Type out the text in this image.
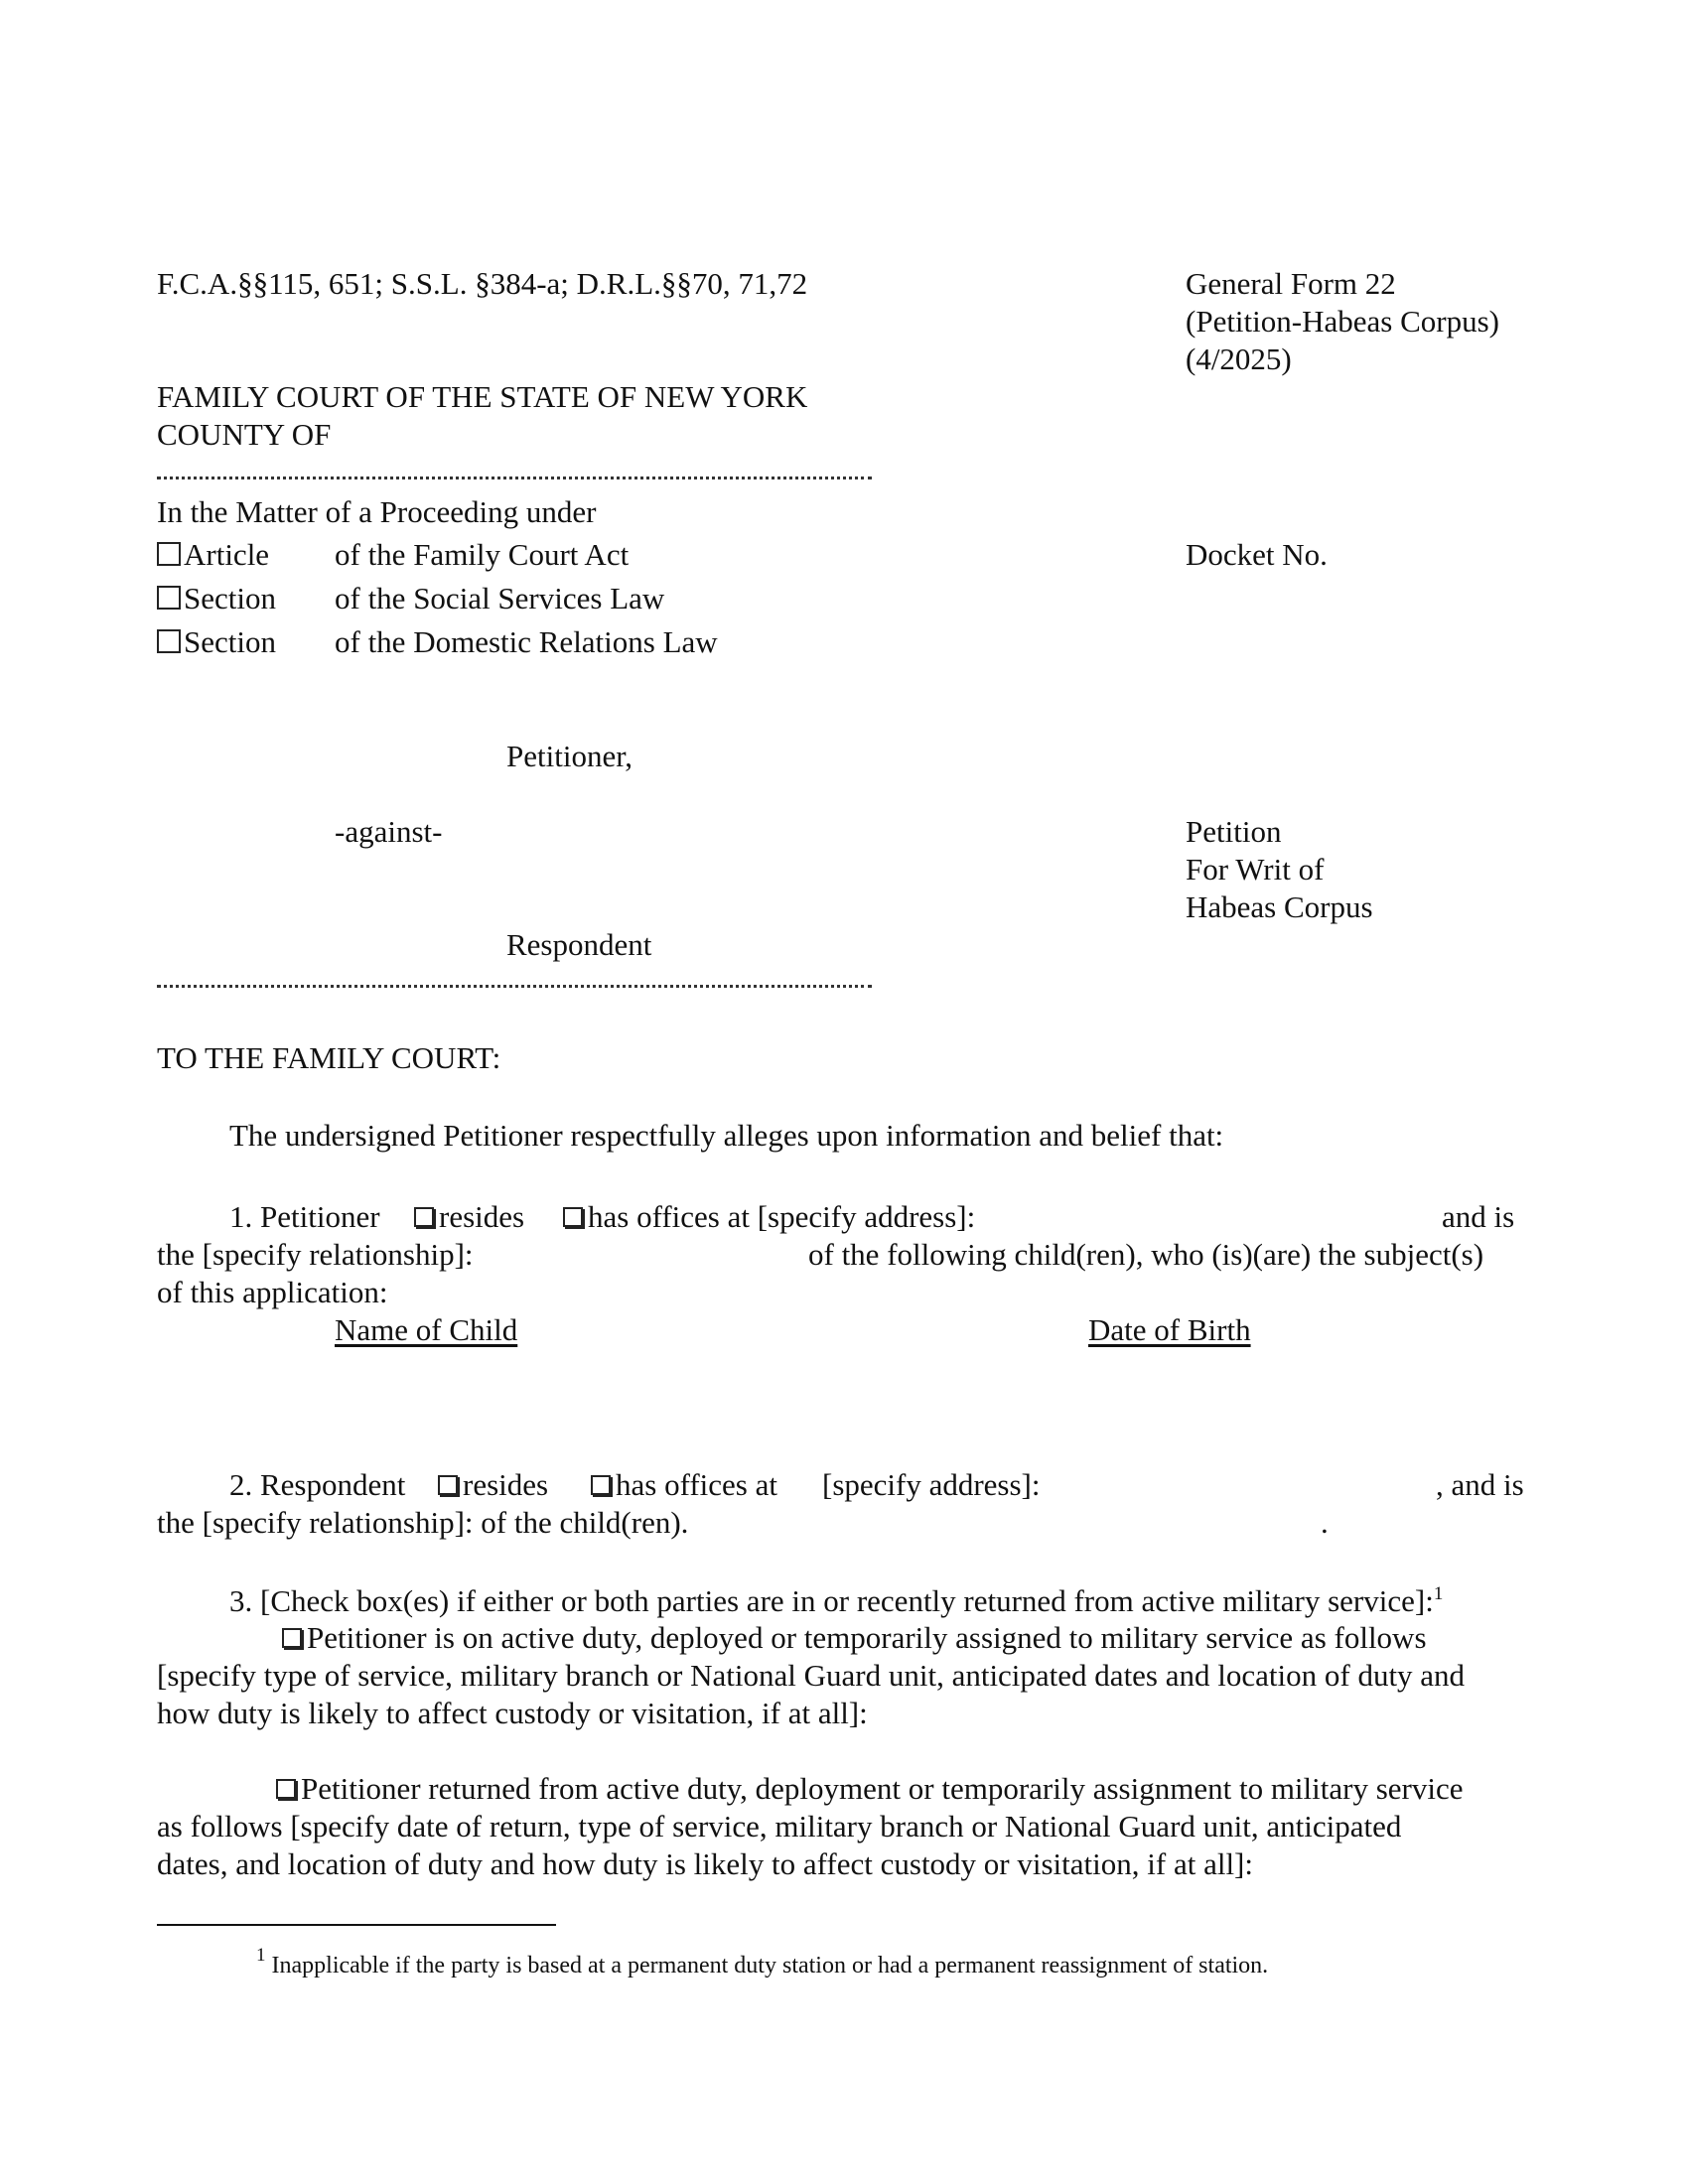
F.C.A.§§115, 651; S.S.L. §384-a; D.R.L.§§70, 71,72	General Form 22
(Petition-Habeas Corpus)
(4/2025)
FAMILY COURT OF THE STATE OF NEW YORK
COUNTY OF
In the Matter of a Proceeding under
Article of the Family Court Act	Docket No.
Section of the Social Services Law
Section of the Domestic Relations Law
Petitioner,
-against-	Petition
For Writ of
Habeas Corpus
Respondent
TO THE FAMILY COURT:
The undersigned Petitioner respectfully alleges upon information and belief that:
1. Petitioner	resides	has offices at [specify address]:	and is
the [specify relationship]:	of the following child(ren), who (is)(are) the subject(s)
of this application:
Name of Child	Date of Birth
2. Respondent	resides	has offices at [specify address]:	, and is
the [specify relationship]: of the child(ren).	.
3. [Check box(es) if either or both parties are in or recently returned from active military service]:$^1$
Petitioner is on active duty, deployed or temporarily assigned to military service as follows
[specify type of service, military branch or National Guard unit, anticipated dates and location of duty and
how duty is likely to affect custody or visitation, if at all]:
Petitioner returned from active duty, deployment or temporarily assignment to military service
as follows [specify date of return, type of service, military branch or National Guard unit, anticipated
dates, and location of duty and how duty is likely to affect custody or visitation, if at all]:
$^1$ Inapplicable if the party is based at a permanent duty station or had a permanent reassignment of station.
